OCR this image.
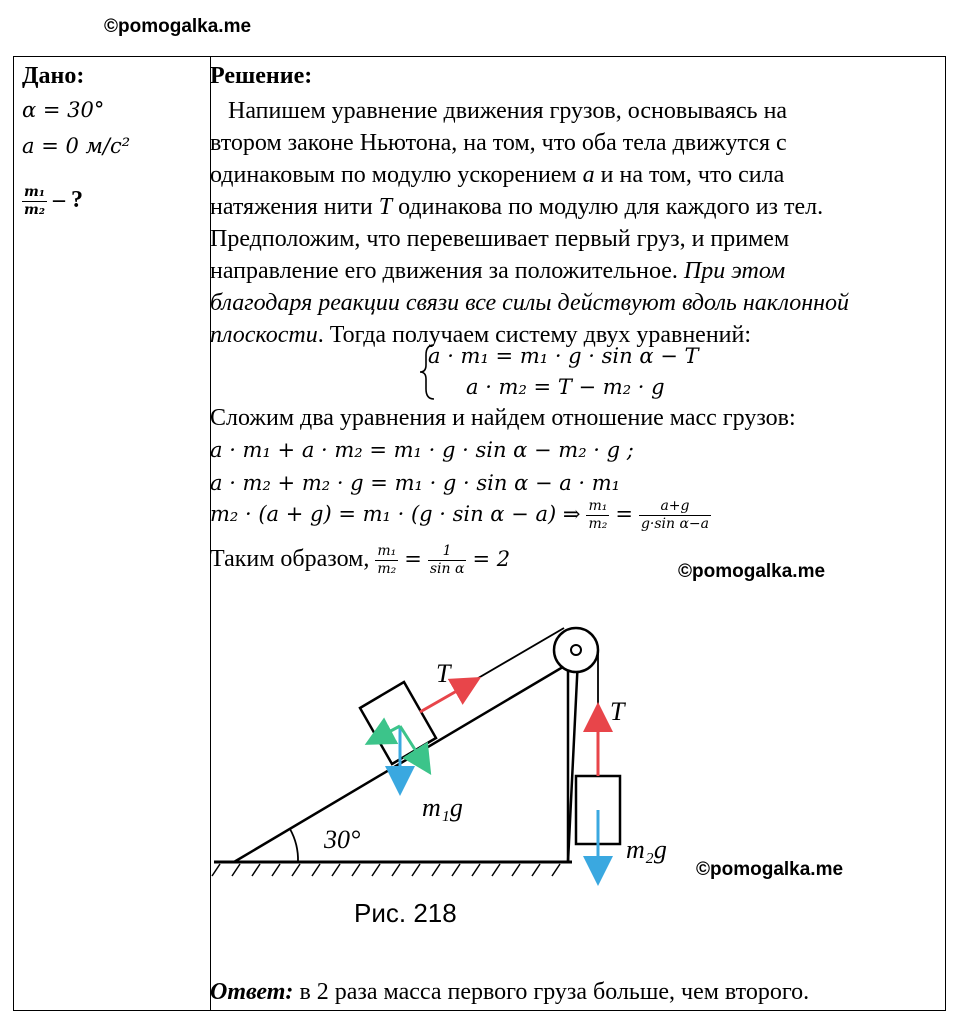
©pomogalka.me
Дано:
α = 30°
a = 0 м/с²
$\frac{\text{m₁}}{\text{m₂}}$ – ?
Решение:
Напишем уравнение движения грузов, основываясь на
втором законе Ньютона, на том, что оба тела движутся с
одинаковым по модулю ускорением a и на том, что сила
натяжения нити T одинакова по модулю для каждого из тел.
Предположим, что перевешивает первый груз, и примем
направление его движения за положительное. При этом
благодаря реакции связи все силы действуют вдоль наклонной
плоскости. Тогда получаем систему двух уравнений:
a · m₁ = m₁ · g · sin α − T
a · m₂ = T − m₂ · g
Сложим два уравнения и найдем отношение масс грузов:
a · m₁ + a · m₂ = m₁ · g · sin α − m₂ · g ;
a · m₂ + m₂ · g = m₁ · g · sin α − a · m₁
m₂ · (a + g) = m₁ · (g · sin α − a) ⇒ $\frac{\text{m₁}}{\text{m₂}} = \frac{a+g}{\text{g·sin α−a}}$
Таким образом, $\frac{\text{m₁}}{\text{m₂}} = \frac{1}{\text{sin α}} = 2$
Ответ: в 2 раза масса первого груза больше, чем второго.
©pomogalka.me
30°
T
T
m₁g
m₂g
Рис. 218
©pomogalka.me
